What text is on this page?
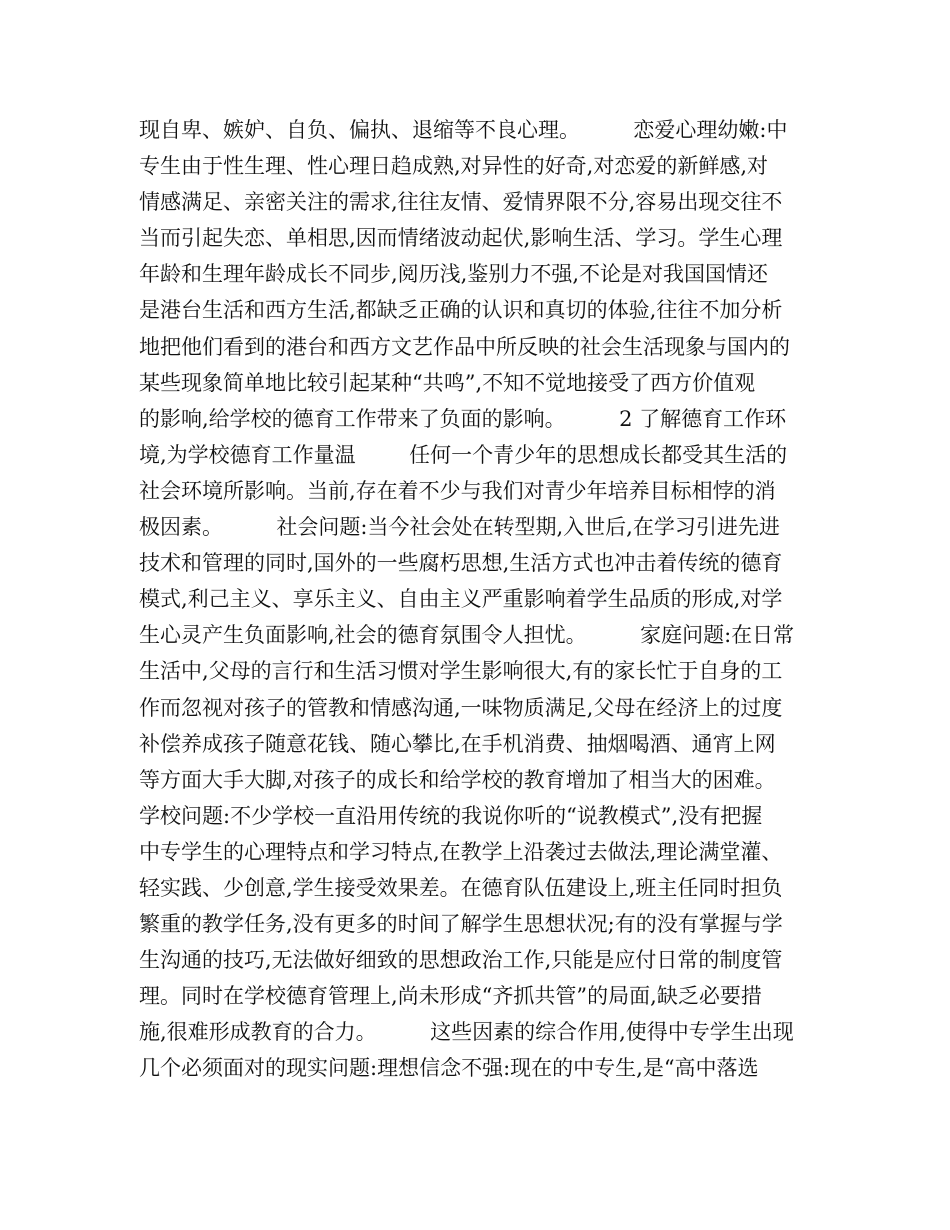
现自卑、嫉妒、自负、偏执、退缩等不良心理。        恋爱心理幼嫩:中
专生由于性生理、性心理日趋成熟,对异性的好奇,对恋爱的新鲜感,对
情感满足、亲密关注的需求,往往友情、爱情界限不分,容易出现交往不
当而引起失恋、单相思,因而情绪波动起伏,影响生活、学习。学生心理
年龄和生理年龄成长不同步,阅历浅,鉴别力不强,不论是对我国国情还
是港台生活和西方生活,都缺乏正确的认识和真切的体验,往往不加分析
地把他们看到的港台和西方文艺作品中所反映的社会生活现象与国内的
某些现象简单地比较引起某种“共鸣”,不知不觉地接受了西方价值观
的影响,给学校的德育工作带来了负面的影响。        2 了解德育工作环
境,为学校德育工作量温        任何一个青少年的思想成长都受其生活的
社会环境所影响。当前,存在着不少与我们对青少年培养目标相悖的消
极因素。        社会问题:当今社会处在转型期,入世后,在学习引进先进
技术和管理的同时,国外的一些腐朽思想,生活方式也冲击着传统的德育
模式,利己主义、享乐主义、自由主义严重影响着学生品质的形成,对学
生心灵产生负面影响,社会的德育氛围令人担忧。        家庭问题:在日常
生活中,父母的言行和生活习惯对学生影响很大,有的家长忙于自身的工
作而忽视对孩子的管教和情感沟通,一味物质满足,父母在经济上的过度
补偿养成孩子随意花钱、随心攀比,在手机消费、抽烟喝酒、通宵上网
等方面大手大脚,对孩子的成长和给学校的教育增加了相当大的困难。
学校问题:不少学校一直沿用传统的我说你听的“说教模式”,没有把握
中专学生的心理特点和学习特点,在教学上沿袭过去做法,理论满堂灌、
轻实践、少创意,学生接受效果差。在德育队伍建设上,班主任同时担负
繁重的教学任务,没有更多的时间了解学生思想状况;有的没有掌握与学
生沟通的技巧,无法做好细致的思想政治工作,只能是应付日常的制度管
理。同时在学校德育管理上,尚未形成“齐抓共管”的局面,缺乏必要措
施,很难形成教育的合力。        这些因素的综合作用,使得中专学生出现
几个必须面对的现实问题:理想信念不强:现在的中专生,是“高中落选
